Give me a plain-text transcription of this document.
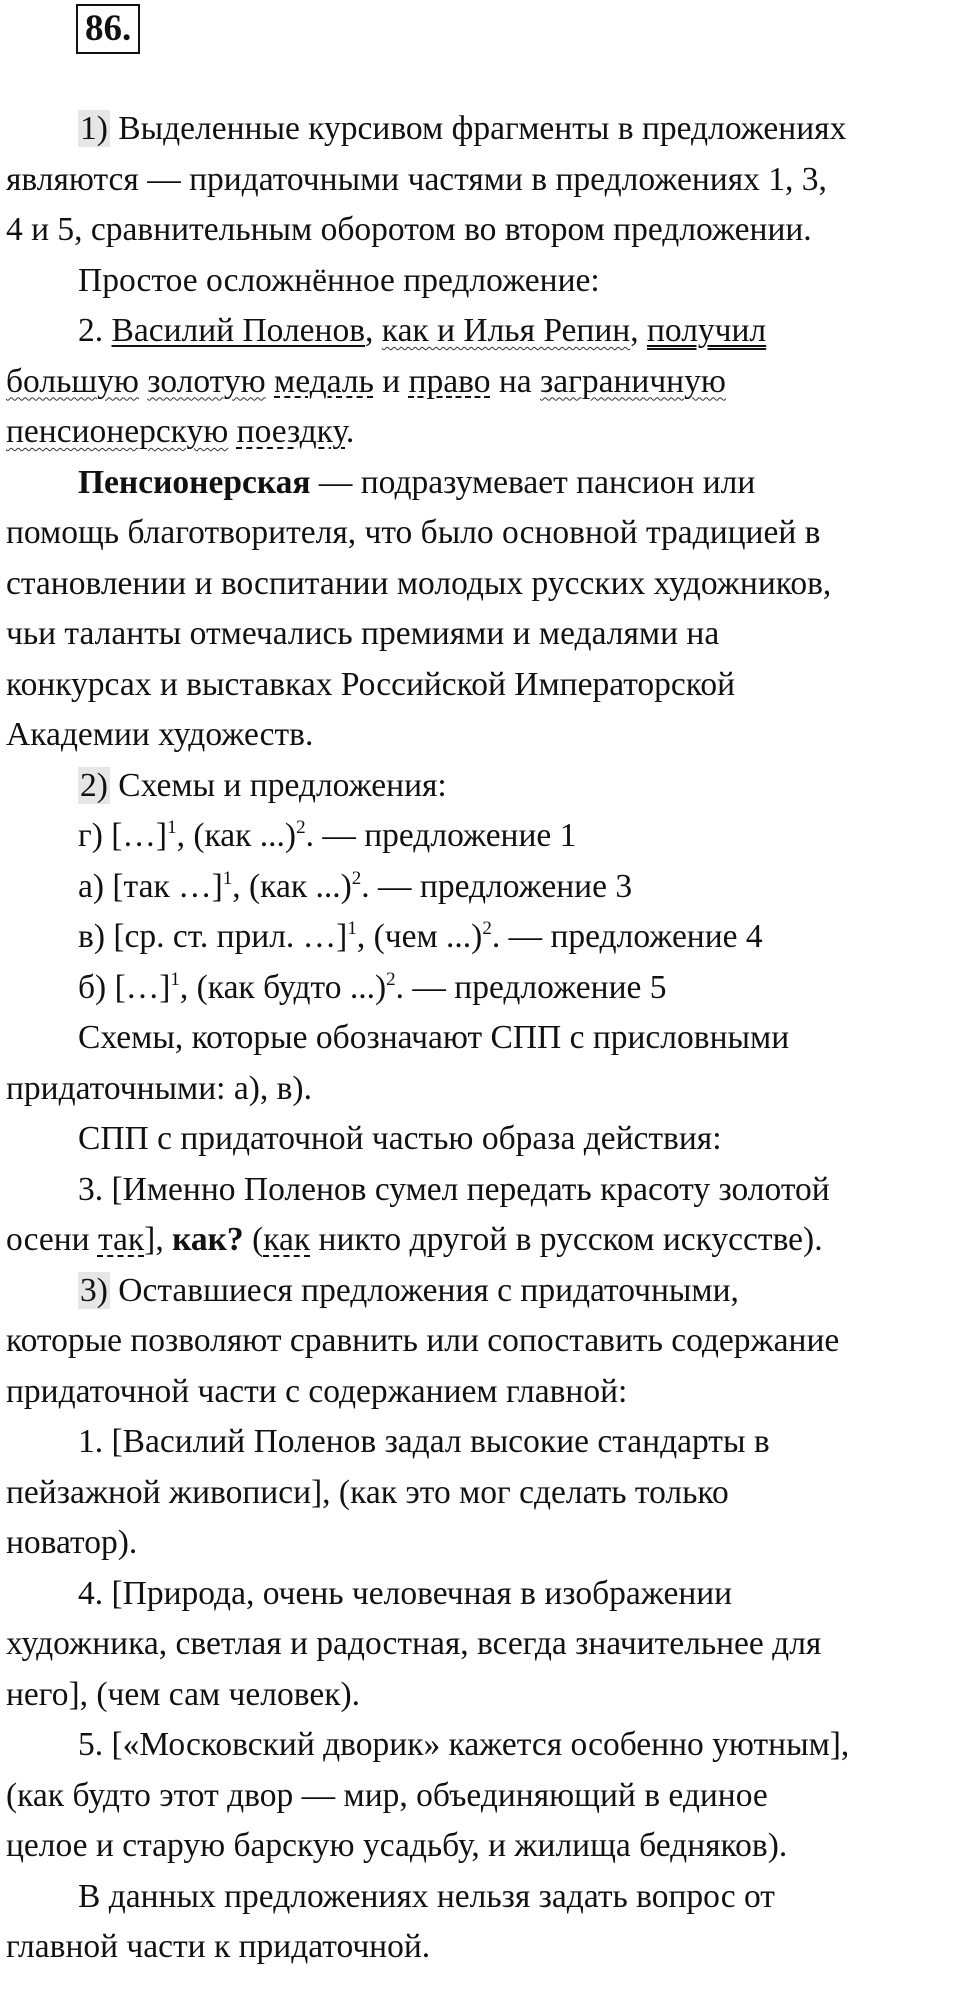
86.

1) Выделенные курсивом фрагменты в предложениях

являются — придаточными частями в предложениях 1, 3,

4 и 5, сравнительным оборотом во втором предложении.

Простое осложнённое предложение:

2. Василий Поленов, как и Илья Репин, получил

большую золотую медаль и право на заграничную

пенсионерскую поездку.

Пенсионерская — подразумевает пансион или

помощь благотворителя, что было основной традицией в

становлении и воспитании молодых русских художников,

чьи таланты отмечались премиями и медалями на

конкурсах и выставках Российской Императорской

Академии художеств.

2) Схемы и предложения:

г) […]$^1$, (как ...)$^2$. — предложение 1

а) [так …]$^1$, (как ...)$^2$. — предложение 3

в) [ср. ст. прил. …]$^1$, (чем ...)$^2$. — предложение 4

б) […]$^1$, (как будто ...)$^2$. — предложение 5

Схемы, которые обозначают СПП с присловными

придаточными: а), в).

СПП с придаточной частью образа действия:

3. [Именно Поленов сумел передать красоту золотой

осени так], как? (как никто другой в русском искусстве).

3) Оставшиеся предложения с придаточными,

которые позволяют сравнить или сопоставить содержание

придаточной части с содержанием главной:

1. [Василий Поленов задал высокие стандарты в

пейзажной живописи], (как это мог сделать только

новатор).

4. [Природа, очень человечная в изображении

художника, светлая и радостная, всегда значительнее для

него], (чем сам человек).

5. [«Московский дворик» кажется особенно уютным],

(как будто этот двор — мир, объединяющий в единое

целое и старую барскую усадьбу, и жилища бедняков).

В данных предложениях нельзя задать вопрос от

главной части к придаточной.
